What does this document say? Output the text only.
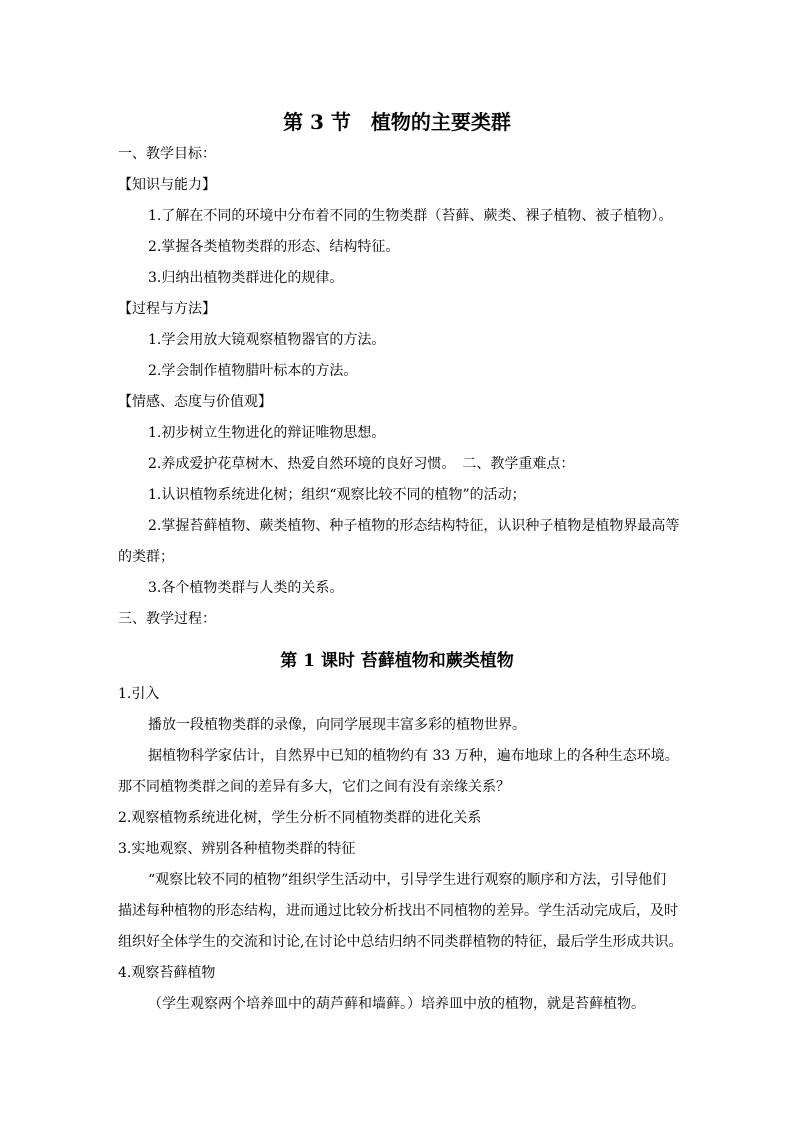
第 3 节　植物的主要类群
一、教学目标：
【知识与能力】
1.了解在不同的环境中分布着不同的生物类群（苔藓、蕨类、裸子植物、被子植物）。
2.掌握各类植物类群的形态、结构特征。
3.归纳出植物类群进化的规律。
【过程与方法】
1.学会用放大镜观察植物器官的方法。
2.学会制作植物腊叶标本的方法。
【情感、态度与价值观】
1.初步树立生物进化的辩证唯物思想。
2.养成爱护花草树木、热爱自然环境的良好习惯。　二、教学重难点：
1.认识植物系统进化树；组织“观察比较不同的植物”的活动；
2.掌握苔藓植物、蕨类植物、种子植物的形态结构特征，认识种子植物是植物界最高等
的类群；
3.各个植物类群与人类的关系。
三、教学过程：
第 1 课时 苔藓植物和蕨类植物
1.引入
播放一段植物类群的录像，向同学展现丰富多彩的植物世界。
据植物科学家估计，自然界中已知的植物约有 33 万种，遍布地球上的各种生态环境。
那不同植物类群之间的差异有多大，它们之间有没有亲缘关系？
2.观察植物系统进化树，学生分析不同植物类群的进化关系
3.实地观察、辨别各种植物类群的特征
“观察比较不同的植物”组织学生活动中，引导学生进行观察的顺序和方法，引导他们
描述每种植物的形态结构，进而通过比较分析找出不同植物的差异。学生活动完成后，及时
组织好全体学生的交流和讨论,在讨论中总结归纳不同类群植物的特征，最后学生形成共识。
4.观察苔藓植物
（学生观察两个培养皿中的葫芦藓和墙藓。）培养皿中放的植物，就是苔藓植物。
